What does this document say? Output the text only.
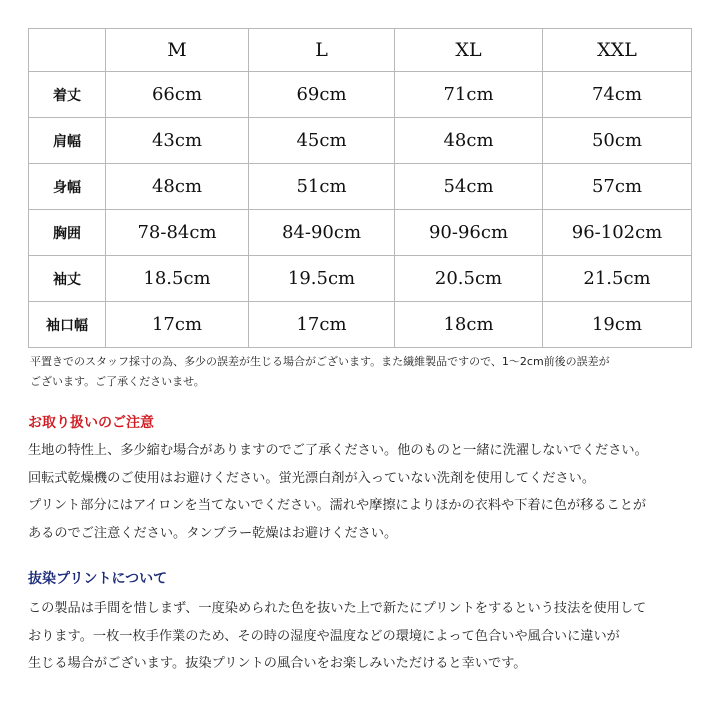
	M	L	XL	XXL
着丈	66cm	69cm	71cm	74cm
肩幅	43cm	45cm	48cm	50cm
身幅	48cm	51cm	54cm	57cm
胸囲	78-84cm	84-90cm	90-96cm	96-102cm
袖丈	18.5cm	19.5cm	20.5cm	21.5cm
袖口幅	17cm	17cm	18cm	19cm
平置きでのスタッフ採寸の為、多少の誤差が生じる場合がございます。また繊維製品ですので、1～2cm前後の誤差が
ございます。ご了承くださいませ。
お取り扱いのご注意
生地の特性上、多少縮む場合がありますのでご了承ください。他のものと一緒に洗濯しないでください。
回転式乾燥機のご使用はお避けください。蛍光漂白剤が入っていない洗剤を使用してください。
プリント部分にはアイロンを当てないでください。濡れや摩擦によりほかの衣料や下着に色が移ることが
あるのでご注意ください。タンブラー乾燥はお避けください。
抜染プリントについて
この製品は手間を惜しまず、一度染められた色を抜いた上で新たにプリントをするという技法を使用して
おります。一枚一枚手作業のため、その時の湿度や温度などの環境によって色合いや風合いに違いが
生じる場合がございます。抜染プリントの風合いをお楽しみいただけると幸いです。
